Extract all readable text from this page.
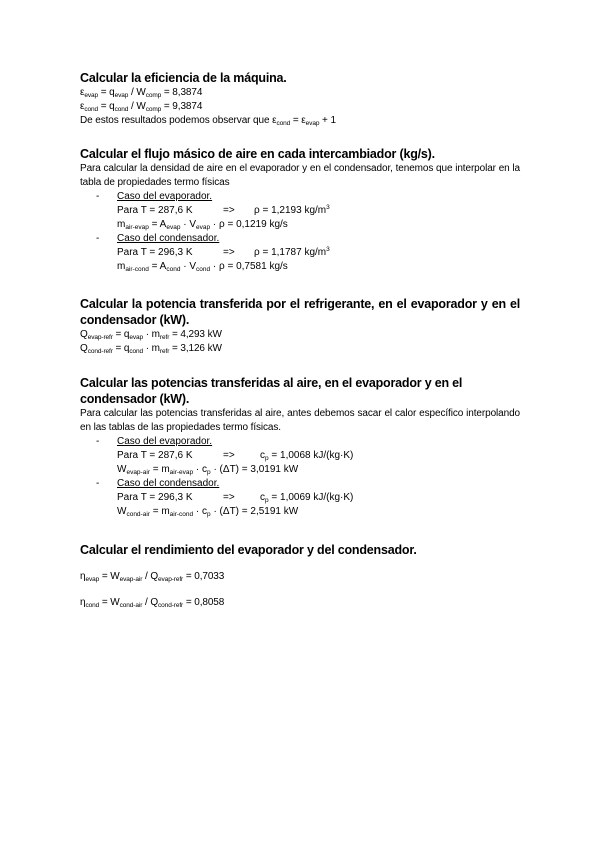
Calcular la eficiencia de la máquina.
$\varepsilon_{evap} = q_{evap} / W_{comp} = 8,3874$
$\varepsilon_{cond} = q_{cond} / W_{comp} = 9,3874$
De estos resultados podemos observar que $\varepsilon_{cond} = \varepsilon_{evap} + 1$
Calcular el flujo másico de aire en cada intercambiador (kg/s).
Para calcular la densidad de aire en el evaporador y en el condensador, tenemos que interpolar en la tabla de propiedades termo físicas
- Caso del evaporador.
Para T = 287,6 K	=> ρ = 1,2193 $kg/m^3$
$m_{air-evap} = A_{evap} \cdot V_{evap} \cdot \rho = 0,1219$ kg/s
- Caso del condensador.
Para T = 296,3 K	=> ρ = 1,1787 $kg/m^3$
$m_{air-cond} = A_{cond} \cdot V_{cond} \cdot \rho = 0,7581$ kg/s
Calcular la potencia transferida por el refrigerante, en el evaporador y en el condensador (kW).
$Q_{evap-refr} = q_{evap} \cdot m_{refr} = 4,293$ kW
$Q_{cond-refr} = q_{cond} \cdot m_{refr} = 3,126$ kW
Calcular las potencias transferidas al aire, en el evaporador y en el condensador (kW).
Para calcular las potencias transferidas al aire, antes debemos sacar el calor específico interpolando en las tablas de las propiedades termo físicas.
- Caso del evaporador.
Para T = 287,6 K	=>	$c_p = 1,0068$ kJ/(kg·K)
$W_{evap-air} = m_{air-evap} \cdot c_p \cdot (\Delta T) = 3,0191$ kW
- Caso del condensador.
Para T = 296,3 K	=>	$c_p = 1,0069$ kJ/(kg·K)
$W_{cond-air} = m_{air-cond} \cdot c_p \cdot (\Delta T) = 2,5191$ kW
Calcular el rendimiento del evaporador y del condensador.
$\eta_{evap} = W_{evap-air} / Q_{evap-refr} = 0,7033$
$\eta_{cond} = W_{cond-air} / Q_{cond-refr} = 0,8058$
